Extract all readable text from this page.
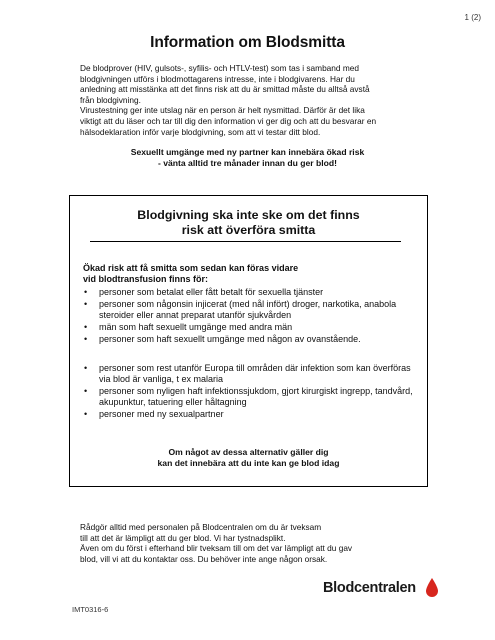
1 (2)
Information om Blodsmitta
De blodprover (HIV, gulsots-, syfilis- och HTLV-test) som tas i samband med
blodgivningen utförs i blodmottagarens intresse, inte i blodgivarens. Har du
anledning att misstänka att det finns risk att du är smittad måste du alltså avstå
från blodgivning.
Virustestning ger inte utslag när en person är helt nysmittad. Därför är det lika
viktigt att du läser och tar till dig den information vi ger dig och att du besvarar en
hälsodeklaration inför varje blodgivning, som att vi testar ditt blod.
Sexuellt umgänge med ny partner kan innebära ökad risk
- vänta alltid tre månader innan du ger blod!
Blodgivning ska inte ske om det finns
risk att överföra smitta
Ökad risk att få smitta som sedan kan föras vidare
vid blodtransfusion finns för:
• personer som betalat eller fått betalt för sexuella tjänster
• personer som någonsin injicerat (med nål infört) droger, narkotika, anabola steroider eller annat preparat utanför sjukvården
• män som haft sexuellt umgänge med andra män
• personer som haft sexuellt umgänge med någon av ovanstående.
• personer som rest utanför Europa till områden där infektion som kan överföras via blod är vanliga, t ex malaria
• personer som nyligen haft infektionssjukdom, gjort kirurgiskt ingrepp, tandvård, akupunktur, tatuering eller håltagning
• personer med ny sexualpartner
Om något av dessa alternativ gäller dig
kan det innebära att du inte kan ge blod idag
Rådgör alltid med personalen på Blodcentralen om du är tveksam
till att det är lämpligt att du ger blod. Vi har tystnadsplikt.
Även om du först i efterhand blir tveksam till om det var lämpligt att du gav
blod, vill vi att du kontaktar oss. Du behöver inte ange någon orsak.
Blodcentralen
IMT0316-6
